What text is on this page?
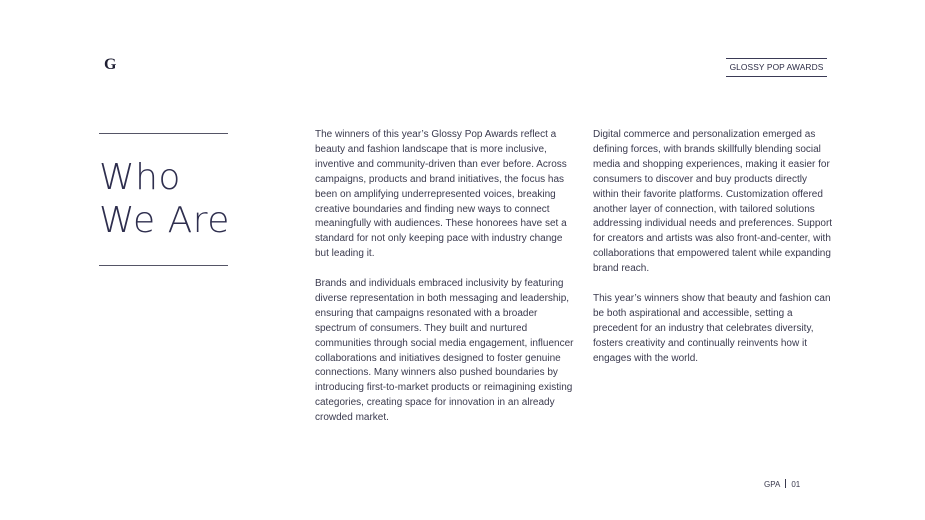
G	GLOSSY POP AWARDS
Who
We Are

The winners of this year’s Glossy Pop Awards reflect a beauty and fashion landscape that is more inclusive, inventive and community-driven than ever before. Across campaigns, products and brand initiatives, the focus has been on amplifying underrepresented voices, breaking creative boundaries and finding new ways to connect meaningfully with audiences. These honorees have set a standard for not only keeping pace with industry change but leading it.

Brands and individuals embraced inclusivity by featuring diverse representation in both messaging and leadership, ensuring that campaigns resonated with a broader spectrum of consumers. They built and nurtured communities through social media engagement, influencer collaborations and initiatives designed to foster genuine connections. Many winners also pushed boundaries by introducing first-to-market products or reimagining existing categories, creating space for innovation in an already crowded market.

Digital commerce and personalization emerged as defining forces, with brands skillfully blending social media and shopping experiences, making it easier for consumers to discover and buy products directly within their favorite platforms. Customization offered another layer of connection, with tailored solutions addressing individual needs and preferences. Support for creators and artists was also front-and-center, with collaborations that empowered talent while expanding brand reach.

This year’s winners show that beauty and fashion can be both aspirational and accessible, setting a precedent for an industry that celebrates diversity, fosters creativity and continually reinvents how it engages with the world.

GPA 01
